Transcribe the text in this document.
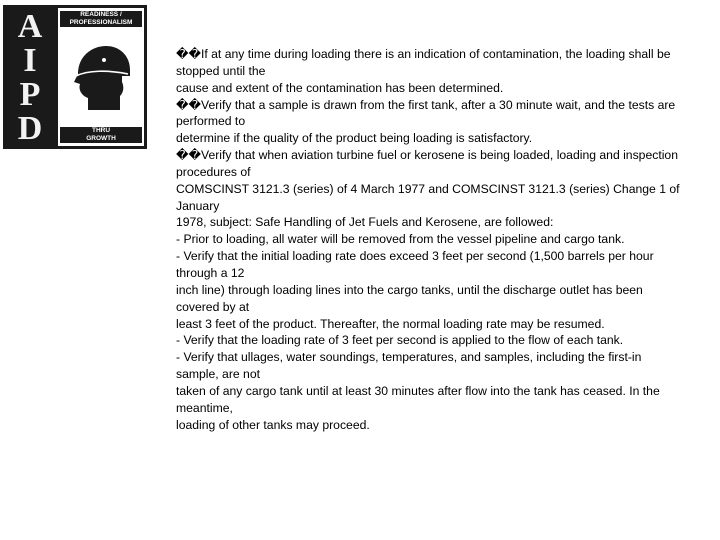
A
I
P
D
READINESS /
PROFESSIONALISM
THRU
GROWTH
��If at any time during loading there is an indication of contamination, the loading shall be
stopped until the
cause and extent of the contamination has been determined.
��Verify that a sample is drawn from the first tank, after a 30 minute wait, and the tests are
performed to
determine if the quality of the product being loading is satisfactory.
��Verify that when aviation turbine fuel or kerosene is being loaded, loading and inspection
procedures of
COMSCINST 3121.3 (series) of 4 March 1977 and COMSCINST 3121.3 (series) Change 1 of
January
1978, subject: Safe Handling of Jet Fuels and Kerosene, are followed:
- Prior to loading, all water will be removed from the vessel pipeline and cargo tank.
- Verify that the initial loading rate does exceed 3 feet per second (1,500 barrels per hour
through a 12
inch line) through loading lines into the cargo tanks, until the discharge outlet has been
covered by at
least 3 feet of the product. Thereafter, the normal loading rate may be resumed.
- Verify that the loading rate of 3 feet per second is applied to the flow of each tank.
- Verify that ullages, water soundings, temperatures, and samples, including the first-in
sample, are not
taken of any cargo tank until at least 30 minutes after flow into the tank has ceased. In the
meantime,
loading of other tanks may proceed.
